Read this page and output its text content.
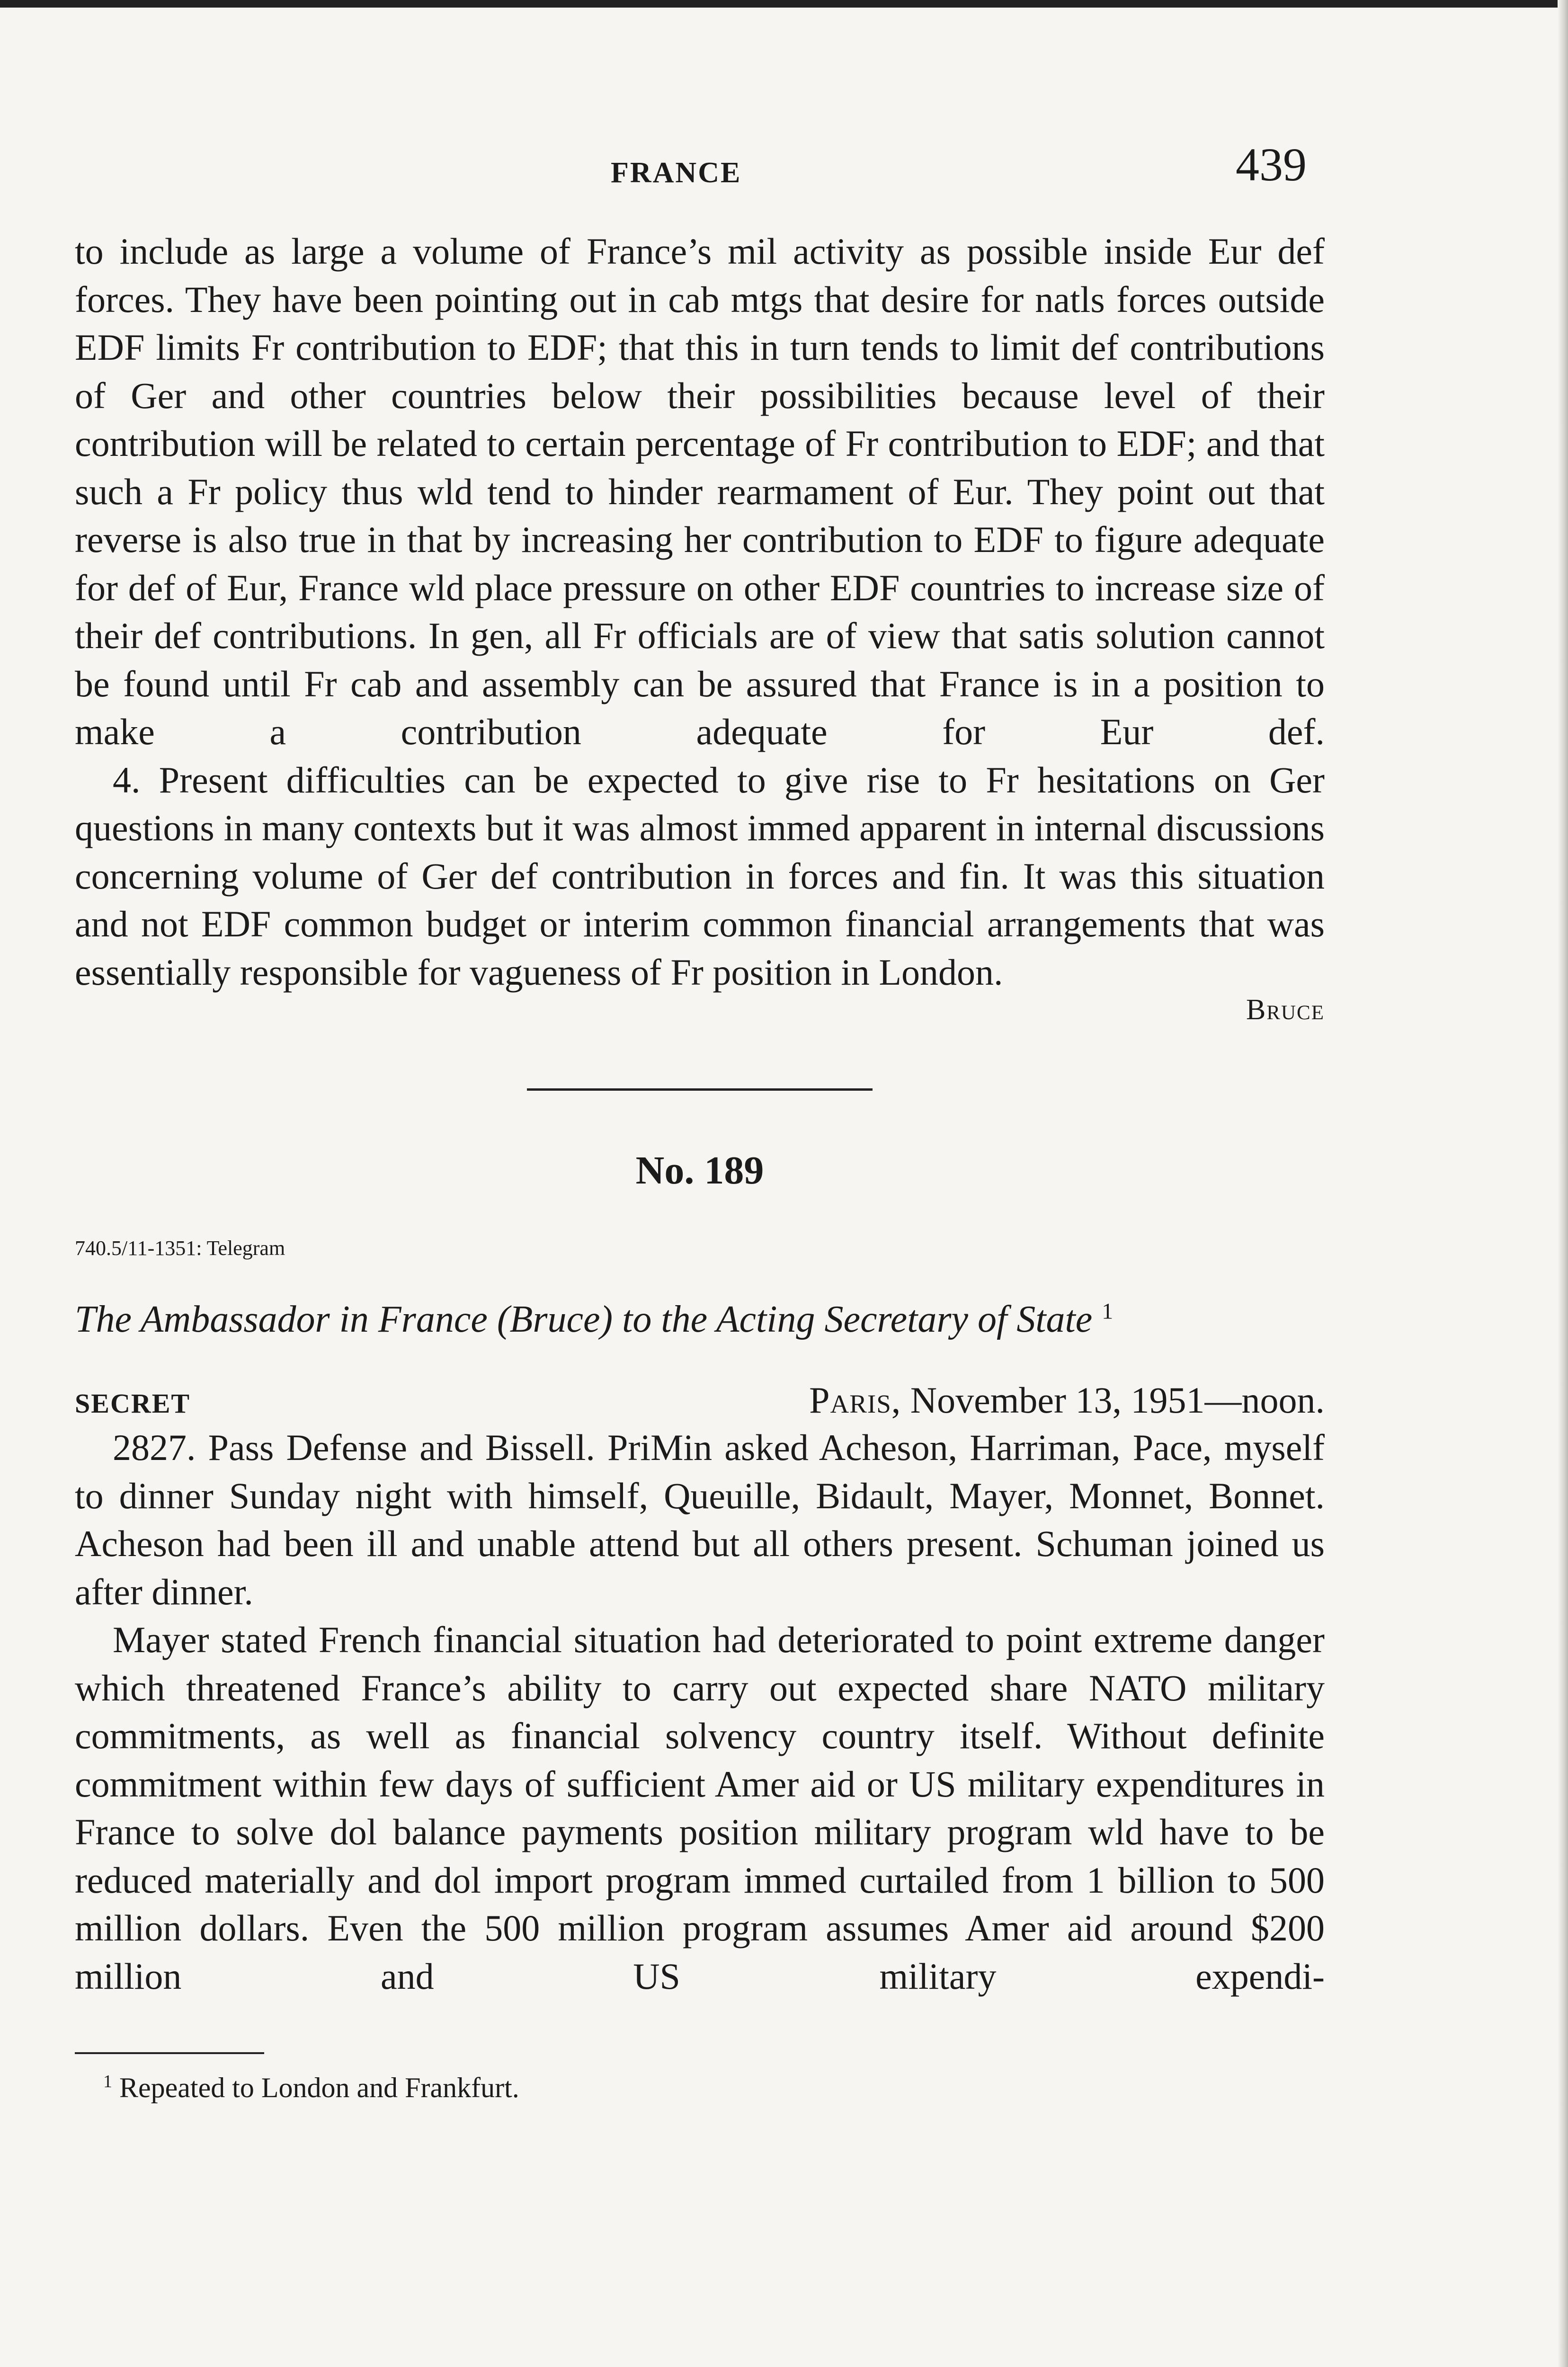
FRANCE	439

to include as large a volume of France’s mil activity as possible inside Eur def forces. They have been pointing out in cab mtgs that desire for natls forces outside EDF limits Fr contribution to EDF; that this in turn tends to limit def contributions of Ger and other countries below their possibilities because level of their contribution will be related to certain percentage of Fr contribution to EDF; and that such a Fr policy thus wld tend to hinder rearmament of Eur. They point out that reverse is also true in that by increasing her contribution to EDF to figure adequate for def of Eur, France wld place pressure on other EDF countries to increase size of their def contributions. In gen, all Fr officials are of view that satis solution cannot be found until Fr cab and assembly can be assured that France is in a position to make a contribution adequate for Eur def.

4. Present difficulties can be expected to give rise to Fr hesitations on Ger questions in many contexts but it was almost immed apparent in internal discussions concerning volume of Ger def contribution in forces and fin. It was this situation and not EDF common budget or interim common financial arrangements that was essentially responsible for vagueness of Fr position in London.

Bruce
No. 189
740.5/11-1351: Telegram
The Ambassador in France (Bruce) to the Acting Secretary of State $^1$
SECRET	Paris, November 13, 1951—noon.

2827. Pass Defense and Bissell. PriMin asked Acheson, Harriman, Pace, myself to dinner Sunday night with himself, Queuille, Bidault, Mayer, Monnet, Bonnet. Acheson had been ill and unable attend but all others present. Schuman joined us after dinner.

Mayer stated French financial situation had deteriorated to point extreme danger which threatened France’s ability to carry out expected share NATO military commitments, as well as financial solvency country itself. Without definite commitment within few days of sufficient Amer aid or US military expenditures in France to solve dol balance payments position military program wld have to be reduced materially and dol import program immed curtailed from 1 billion to 500 million dollars. Even the 500 million program assumes Amer aid around $200 million and US military expendi-

$^1$ Repeated to London and Frankfurt.
